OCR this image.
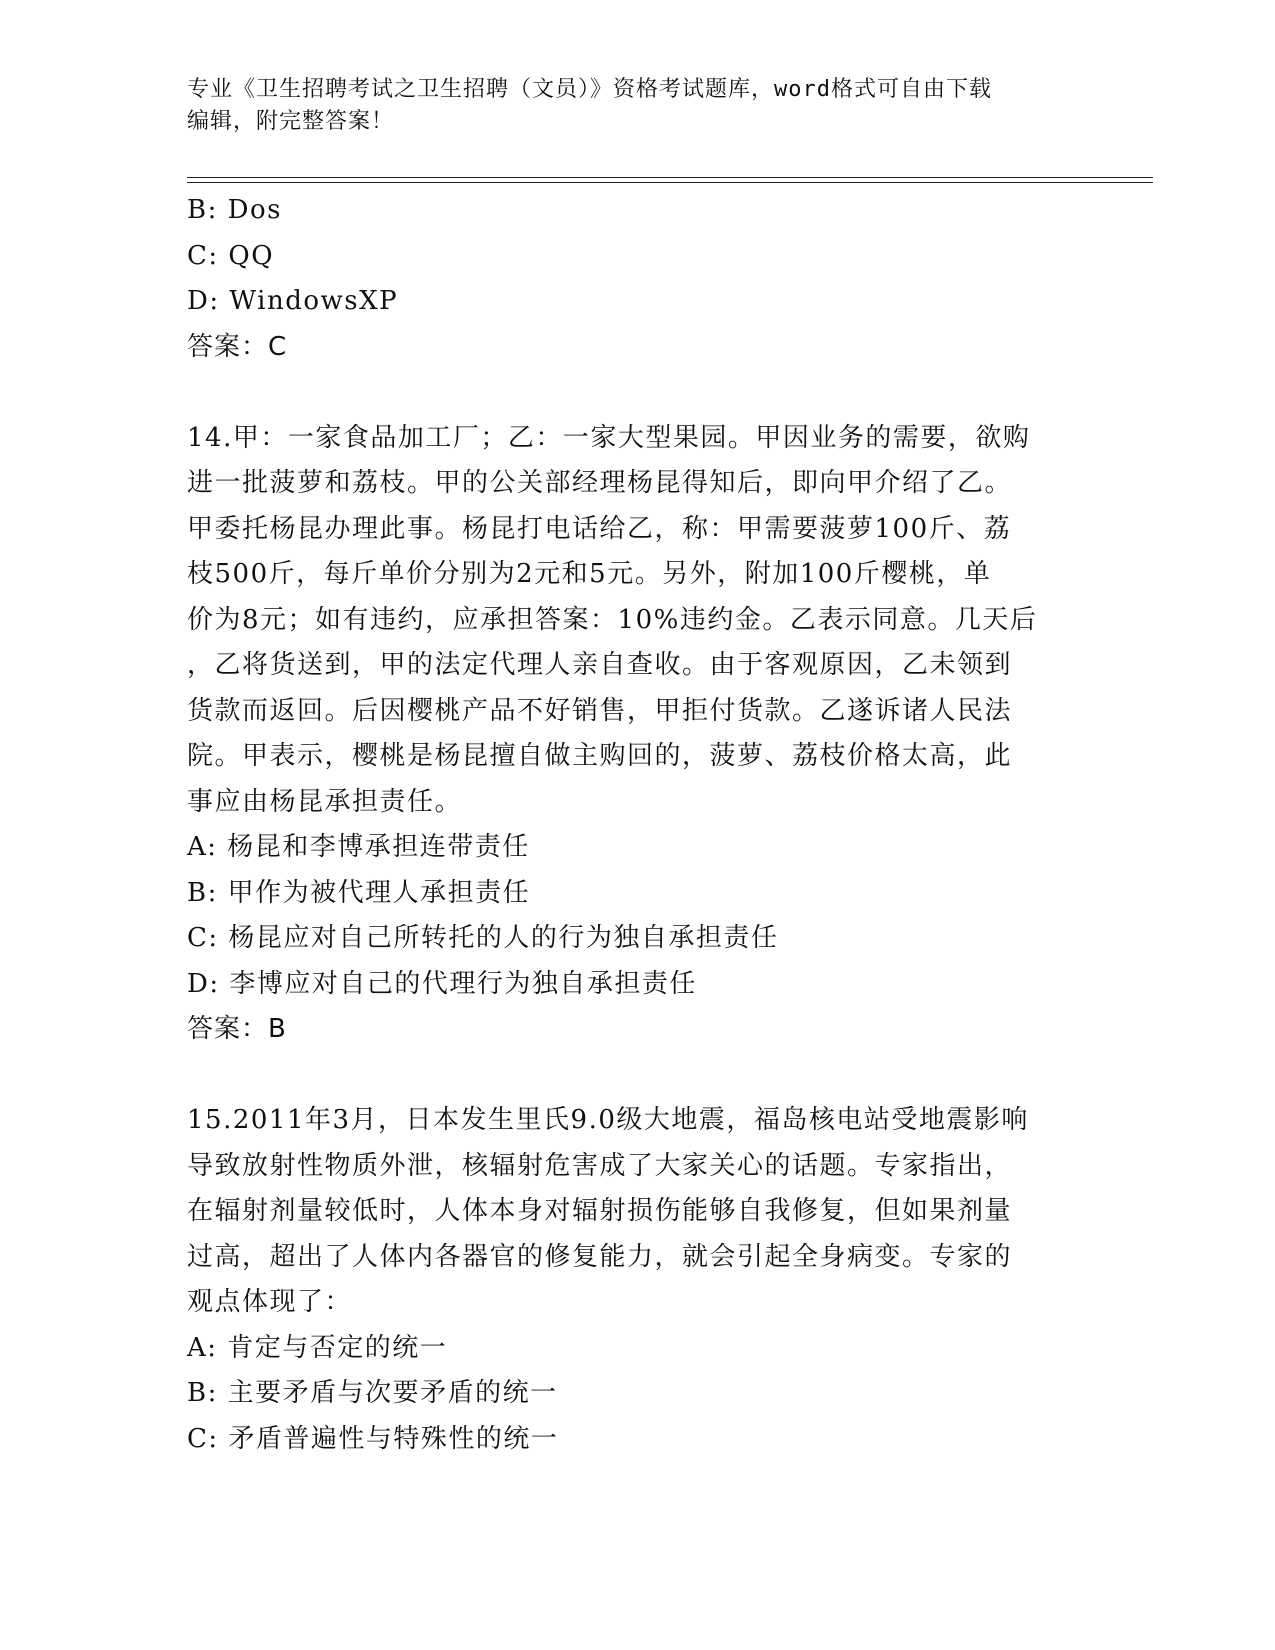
专业《卫生招聘考试之卫生招聘（文员）》资格考试题库，word格式可自由下载
编辑，附完整答案！
B: Dos
C: QQ
D: WindowsXP
答案：C
14.甲：一家食品加工厂；乙：一家大型果园。甲因业务的需要，欲购
进一批菠萝和荔枝。甲的公关部经理杨昆得知后，即向甲介绍了乙。
甲委托杨昆办理此事。杨昆打电话给乙，称：甲需要菠萝100斤、荔
枝500斤，每斤单价分别为2元和5元。另外，附加100斤樱桃，单
价为8元；如有违约，应承担答案：10%违约金。乙表示同意。几天后
，乙将货送到，甲的法定代理人亲自查收。由于客观原因，乙未领到
货款而返回。后因樱桃产品不好销售，甲拒付货款。乙遂诉诸人民法
院。甲表示，樱桃是杨昆擅自做主购回的，菠萝、荔枝价格太高，此
事应由杨昆承担责任。
A: 杨昆和李博承担连带责任
B: 甲作为被代理人承担责任
C: 杨昆应对自己所转托的人的行为独自承担责任
D: 李博应对自己的代理行为独自承担责任
答案：B
15.2011年3月，日本发生里氏9.0级大地震，福岛核电站受地震影响
导致放射性物质外泄，核辐射危害成了大家关心的话题。专家指出，
在辐射剂量较低时，人体本身对辐射损伤能够自我修复，但如果剂量
过高，超出了人体内各器官的修复能力，就会引起全身病变。专家的
观点体现了：
A: 肯定与否定的统一
B: 主要矛盾与次要矛盾的统一
C: 矛盾普遍性与特殊性的统一
